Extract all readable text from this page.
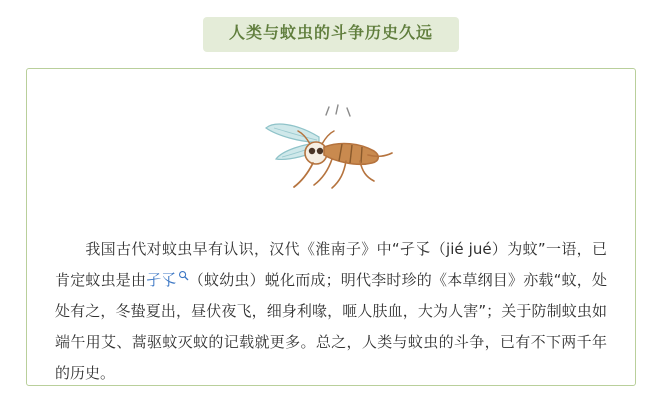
人类与蚊虫的斗争历史久远
我国古代对蚊虫早有认识，汉代《淮南子》中“孑孓（jié jué）为蚊”一语，已肯定蚊虫是由孑孓 （蚊幼虫）蜕化而成；明代李时珍的《本草纲目》亦载“蚊，处处有之，冬蛰夏出，昼伏夜飞，细身利喙，咂人肤血，大为人害”；关于防制蚊虫如端午用艾、蒿驱蚊灭蚊的记载就更多。总之，人类与蚊虫的斗争，已有不下两千年的历史。
